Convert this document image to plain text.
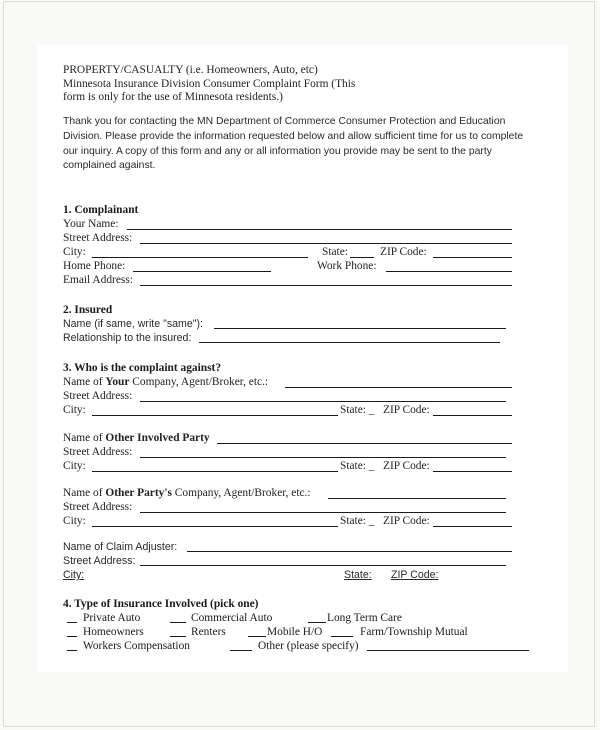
PROPERTY/CASUALTY (i.e. Homeowners, Auto, etc)
Minnesota Insurance Division Consumer Complaint Form (This
form is only for the use of Minnesota residents.)
Thank you for contacting the MN Department of Commerce Consumer Protection and Education Division. Please provide the information requested below and allow sufficient time for us to complete our inquiry. A copy of this form and any or all information you provide may be sent to the party complained against.
1. Complainant
Your Name:
Street Address:
City:	State:	ZIP Code:
Home Phone:	Work Phone:
Email Address:
2. Insured
Name (if same, write "same"):
Relationship to the insured:
3. Who is the complaint against?
Name of Your Company, Agent/Broker, etc.:
Street Address:
City:	State: _ ZIP Code:
Name of Other Involved Party
Street Address:
City:	State: _ ZIP Code:
Name of Other Party's Company, Agent/Broker, etc.:
Street Address:
City:	State: _ ZIP Code:
Name of Claim Adjuster:
Street Address:
City:	State: ZIP Code:
4. Type of Insurance Involved (pick one)
Private Auto	Commercial Auto	Long Term Care
Homeowners	Renters	Mobile H/O	Farm/Township Mutual
Workers Compensation	Other (please specify)
